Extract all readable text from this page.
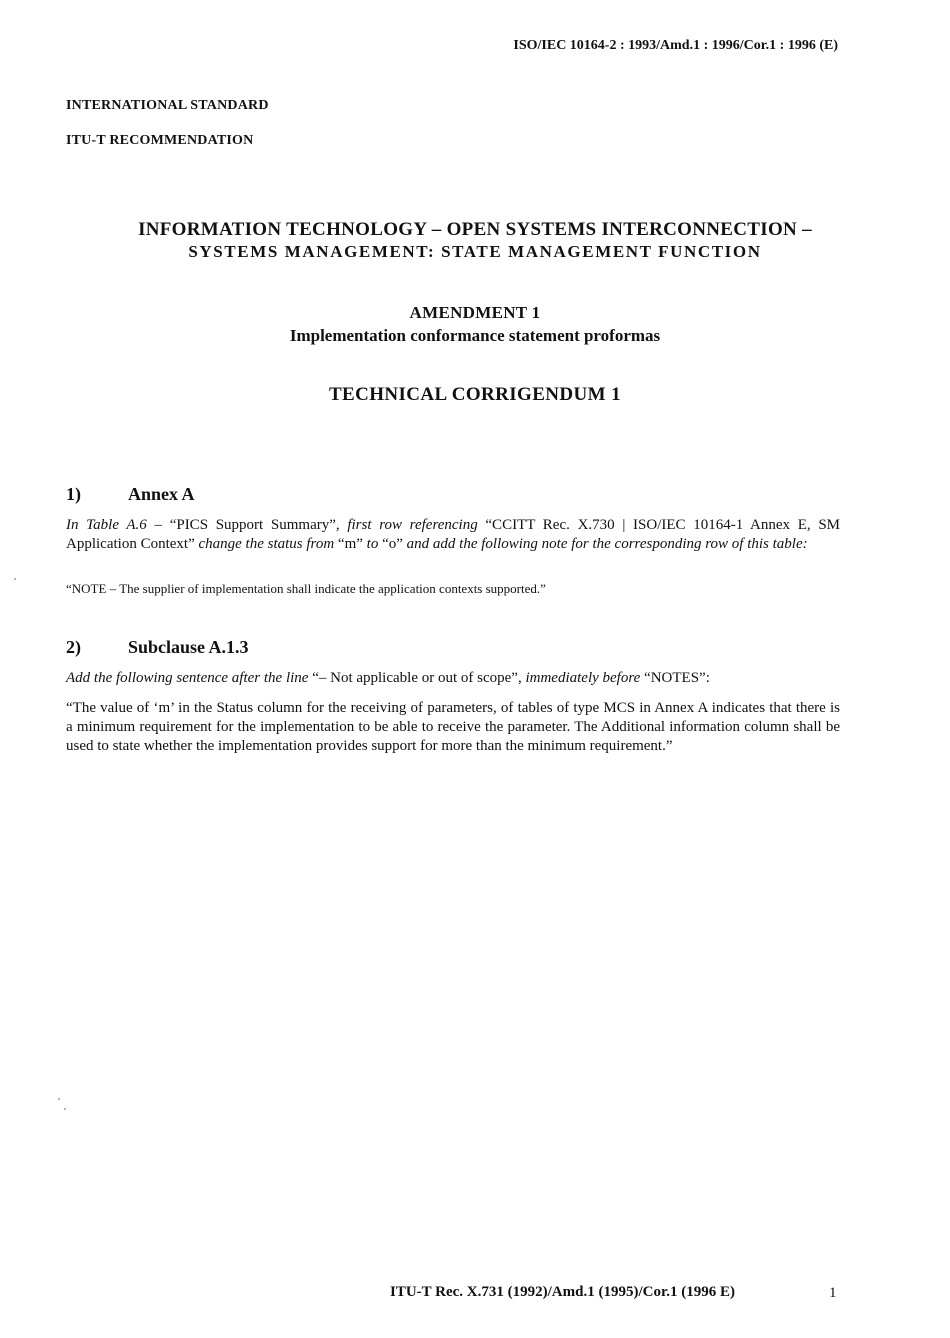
ISO/IEC 10164-2 : 1993/Amd.1 : 1996/Cor.1 : 1996 (E)
INTERNATIONAL STANDARD
ITU-T RECOMMENDATION
INFORMATION TECHNOLOGY – OPEN SYSTEMS INTERCONNECTION –
SYSTEMS MANAGEMENT: STATE MANAGEMENT FUNCTION
AMENDMENT 1
Implementation conformance statement proformas
TECHNICAL CORRIGENDUM 1
1)	Annex A
In Table A.6 – “PICS Support Summary”, first row referencing “CCITT Rec. X.730 | ISO/IEC 10164-1 Annex E, SM Application Context” change the status from “m” to “o” and add the following note for the corresponding row of this table:
“NOTE – The supplier of implementation shall indicate the application contexts supported.”
2)	Subclause A.1.3
Add the following sentence after the line “– Not applicable or out of scope”, immediately before “NOTES”:
“The value of ‘m’ in the Status column for the receiving of parameters, of tables of type MCS in Annex A indicates that there is a minimum requirement for the implementation to be able to receive the parameter. The Additional information column shall be used to state whether the implementation provides support for more than the minimum requirement.”
ITU-T Rec. X.731 (1992)/Amd.1 (1995)/Cor.1 (1996 E)	1
